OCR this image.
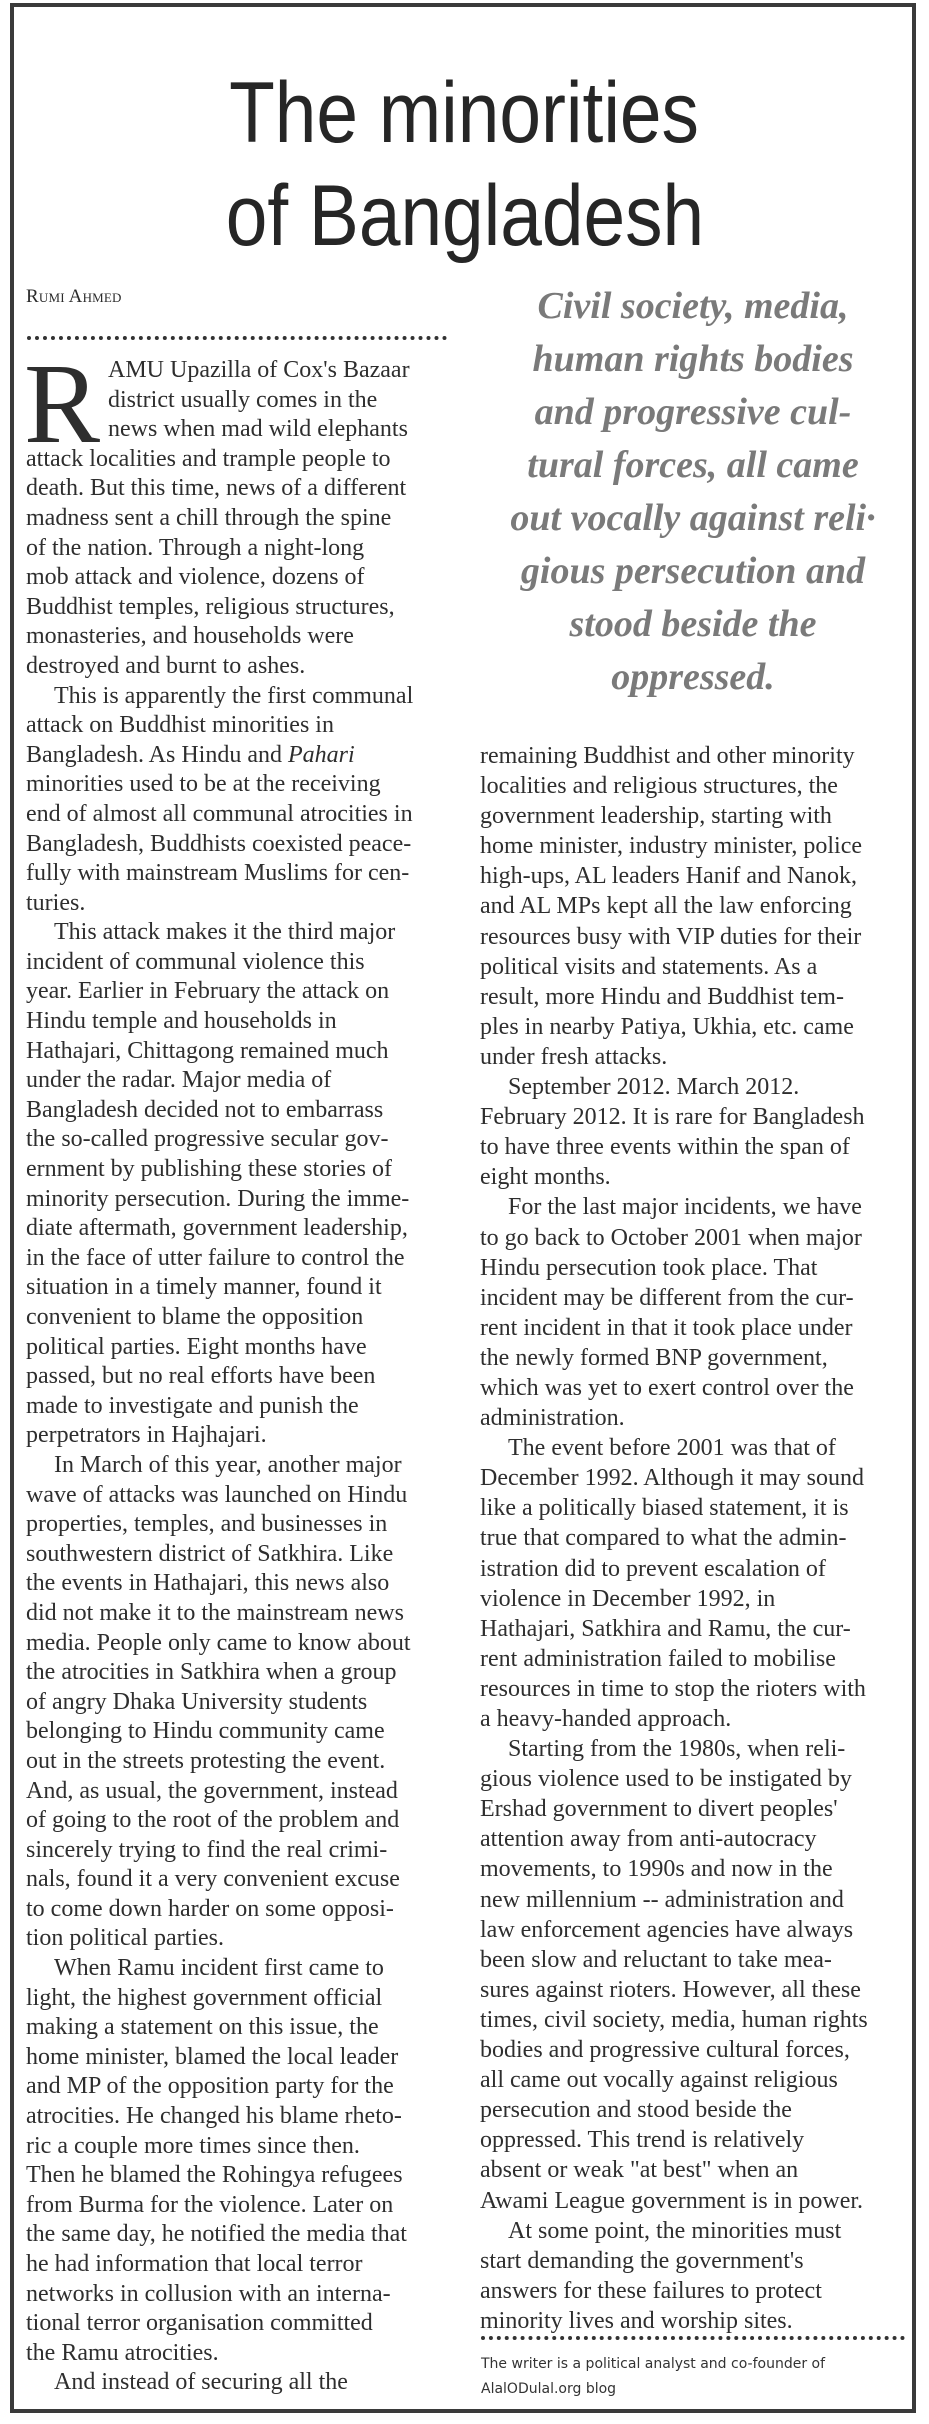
The minorities
of Bangladesh
Rumi Ahmed
R AMU Upazilla of Cox's Bazaar
district usually comes in the
news when mad wild elephants
attack localities and trample people to
death. But this time, news of a different
madness sent a chill through the spine
of the nation. Through a night-long
mob attack and violence, dozens of
Buddhist temples, religious structures,
monasteries, and households were
destroyed and burnt to ashes.
This is apparently the first communal
attack on Buddhist minorities in
Bangladesh. As Hindu and Pahari
minorities used to be at the receiving
end of almost all communal atrocities in
Bangladesh, Buddhists coexisted peace-
fully with mainstream Muslims for cen-
turies.
This attack makes it the third major
incident of communal violence this
year. Earlier in February the attack on
Hindu temple and households in
Hathajari, Chittagong remained much
under the radar. Major media of
Bangladesh decided not to embarrass
the so-called progressive secular gov-
ernment by publishing these stories of
minority persecution. During the imme-
diate aftermath, government leadership,
in the face of utter failure to control the
situation in a timely manner, found it
convenient to blame the opposition
political parties. Eight months have
passed, but no real efforts have been
made to investigate and punish the
perpetrators in Hajhajari.
In March of this year, another major
wave of attacks was launched on Hindu
properties, temples, and businesses in
southwestern district of Satkhira. Like
the events in Hathajari, this news also
did not make it to the mainstream news
media. People only came to know about
the atrocities in Satkhira when a group
of angry Dhaka University students
belonging to Hindu community came
out in the streets protesting the event.
And, as usual, the government, instead
of going to the root of the problem and
sincerely trying to find the real crimi-
nals, found it a very convenient excuse
to come down harder on some opposi-
tion political parties.
When Ramu incident first came to
light, the highest government official
making a statement on this issue, the
home minister, blamed the local leader
and MP of the opposition party for the
atrocities. He changed his blame rheto-
ric a couple more times since then.
Then he blamed the Rohingya refugees
from Burma for the violence. Later on
the same day, he notified the media that
he had information that local terror
networks in collusion with an interna-
tional terror organisation committed
the Ramu atrocities.
And instead of securing all the
Civil society, media,
human rights bodies
and progressive cul-
tural forces, all came
out vocally against reli·
gious persecution and
stood beside the
oppressed.
remaining Buddhist and other minority
localities and religious structures, the
government leadership, starting with
home minister, industry minister, police
high-ups, AL leaders Hanif and Nanok,
and AL MPs kept all the law enforcing
resources busy with VIP duties for their
political visits and statements. As a
result, more Hindu and Buddhist tem-
ples in nearby Patiya, Ukhia, etc. came
under fresh attacks.
September 2012. March 2012.
February 2012. It is rare for Bangladesh
to have three events within the span of
eight months.
For the last major incidents, we have
to go back to October 2001 when major
Hindu persecution took place. That
incident may be different from the cur-
rent incident in that it took place under
the newly formed BNP government,
which was yet to exert control over the
administration.
The event before 2001 was that of
December 1992. Although it may sound
like a politically biased statement, it is
true that compared to what the admin-
istration did to prevent escalation of
violence in December 1992, in
Hathajari, Satkhira and Ramu, the cur-
rent administration failed to mobilise
resources in time to stop the rioters with
a heavy-handed approach.
Starting from the 1980s, when reli-
gious violence used to be instigated by
Ershad government to divert peoples'
attention away from anti-autocracy
movements, to 1990s and now in the
new millennium -- administration and
law enforcement agencies have always
been slow and reluctant to take mea-
sures against rioters. However, all these
times, civil society, media, human rights
bodies and progressive cultural forces,
all came out vocally against religious
persecution and stood beside the
oppressed. This trend is relatively
absent or weak "at best" when an
Awami League government is in power.
At some point, the minorities must
start demanding the government's
answers for these failures to protect
minority lives and worship sites.
The writer is a political analyst and co-founder of
AlalODulal.org blog
